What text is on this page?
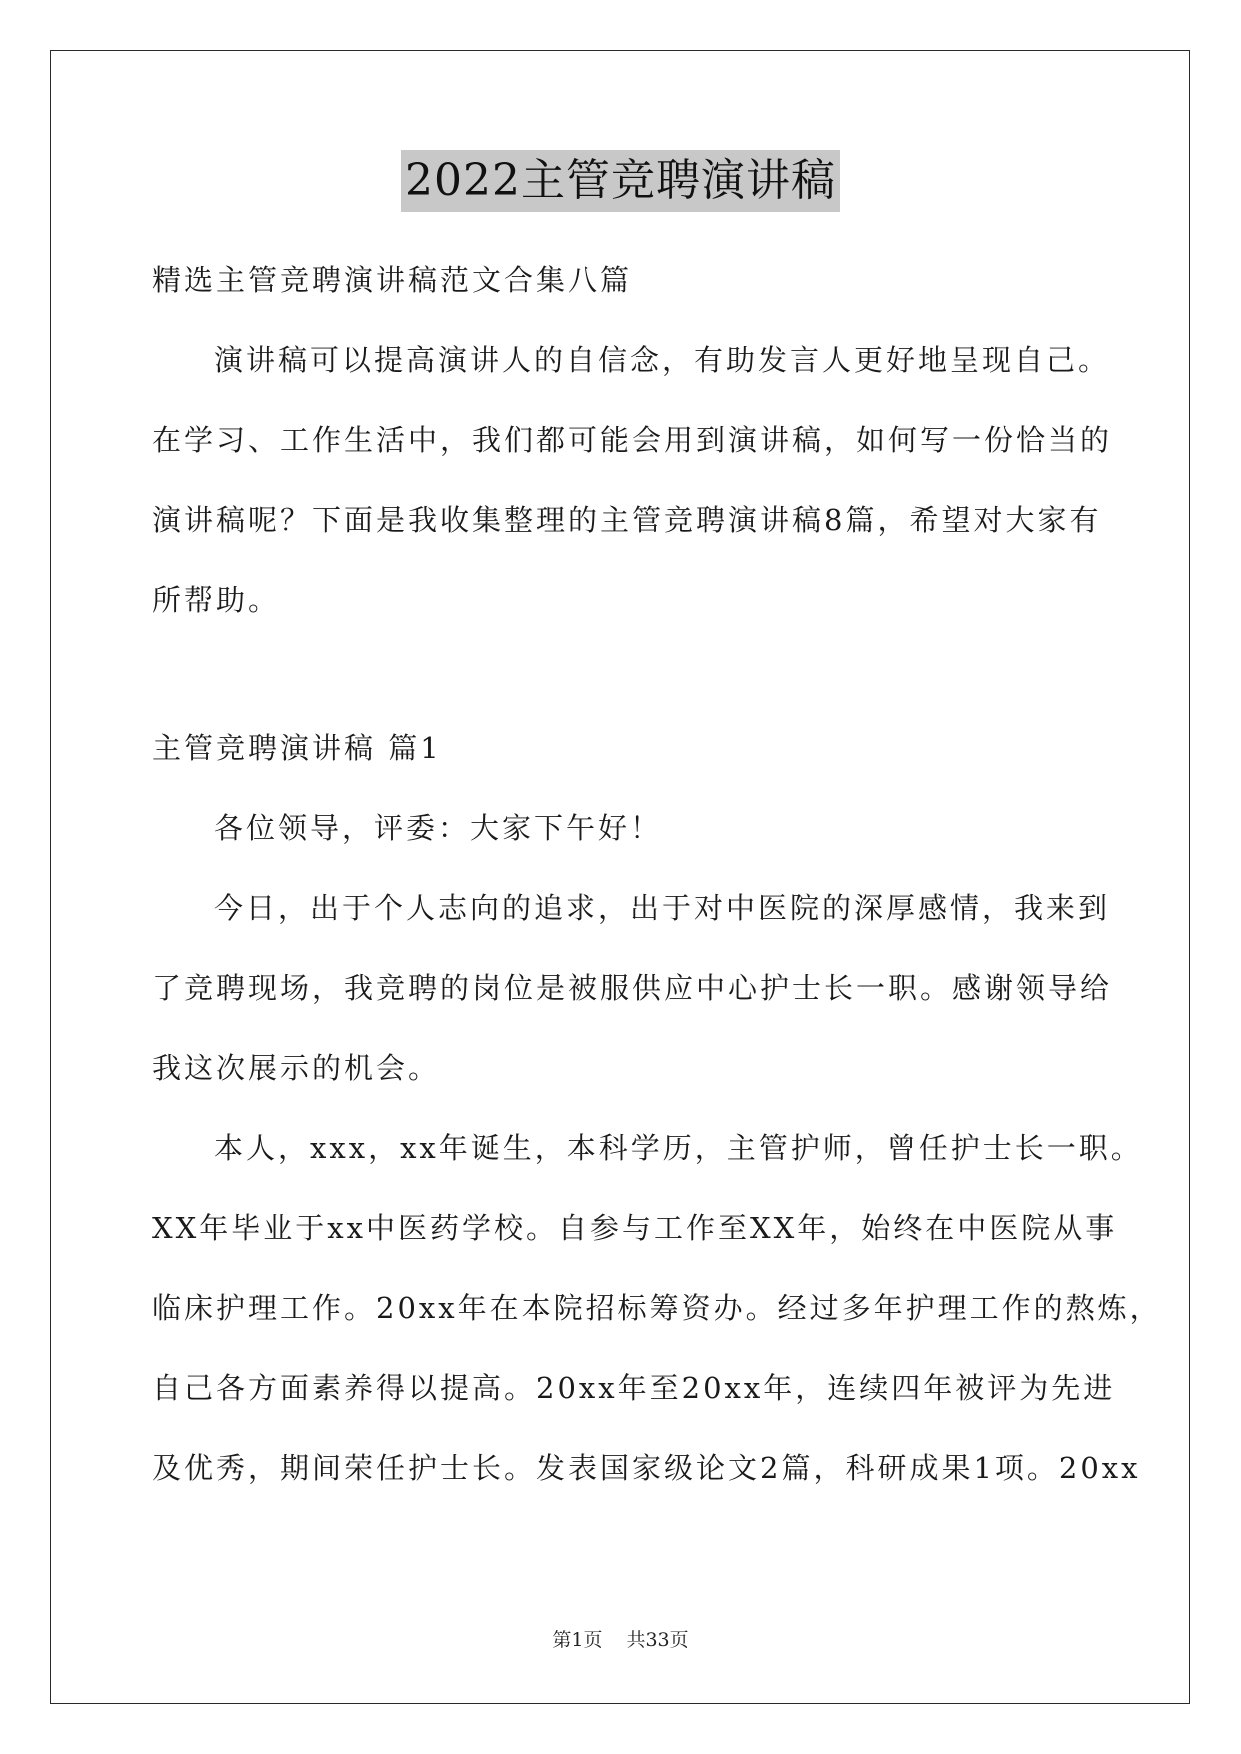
2022主管竞聘演讲稿
精选主管竞聘演讲稿范文合集八篇
演讲稿可以提高演讲人的自信念，有助发言人更好地呈现自己。
在学习、工作生活中，我们都可能会用到演讲稿，如何写一份恰当的
演讲稿呢？下面是我收集整理的主管竞聘演讲稿8篇，希望对大家有
所帮助。
主管竞聘演讲稿 篇1
各位领导，评委：大家下午好！
今日，出于个人志向的追求，出于对中医院的深厚感情，我来到
了竞聘现场，我竞聘的岗位是被服供应中心护士长一职。感谢领导给
我这次展示的机会。
本人，xxx，xx年诞生，本科学历，主管护师，曾任护士长一职。
XX年毕业于xx中医药学校。自参与工作至XX年，始终在中医院从事
临床护理工作。20xx年在本院招标筹资办。经过多年护理工作的熬炼，
自己各方面素养得以提高。20xx年至20xx年，连续四年被评为先进
及优秀，期间荣任护士长。发表国家级论文2篇，科研成果1项。20xx
第1页 共33页
